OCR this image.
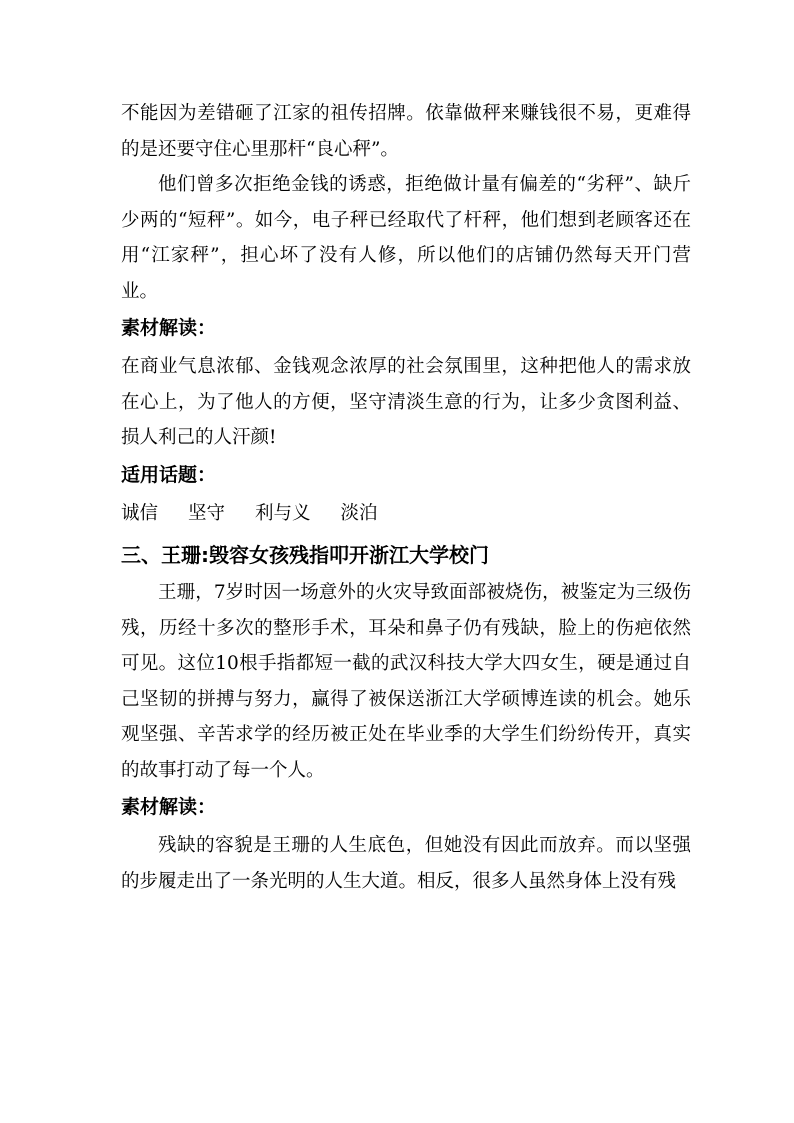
不能因为差错砸了江家的祖传招牌。依靠做秤来赚钱很不易，更难得的是还要守住心里那杆“良心秤”。

他们曾多次拒绝金钱的诱惑，拒绝做计量有偏差的“劣秤”、缺斤少两的“短秤”。如今，电子秤已经取代了杆秤，他们想到老顾客还在用“江家秤”，担心坏了没有人修，所以他们的店铺仍然每天开门营业。

素材解读：

在商业气息浓郁、金钱观念浓厚的社会氛围里，这种把他人的需求放在心上，为了他人的方便，坚守清淡生意的行为，让多少贪图利益、损人利己的人汗颜!

适用话题：
诚信 坚守 利与义 淡泊
三、王珊:毁容女孩残指叩开浙江大学校门

王珊，7岁时因一场意外的火灾导致面部被烧伤，被鉴定为三级伤残，历经十多次的整形手术，耳朵和鼻子仍有残缺，脸上的伤疤依然可见。这位10根手指都短一截的武汉科技大学大四女生，硬是通过自己坚韧的拼搏与努力，赢得了被保送浙江大学硕博连读的机会。她乐观坚强、辛苦求学的经历被正处在毕业季的大学生们纷纷传开，真实的故事打动了每一个人。

素材解读：

残缺的容貌是王珊的人生底色，但她没有因此而放弃。而以坚强的步履走出了一条光明的人生大道。相反，很多人虽然身体上没有残
